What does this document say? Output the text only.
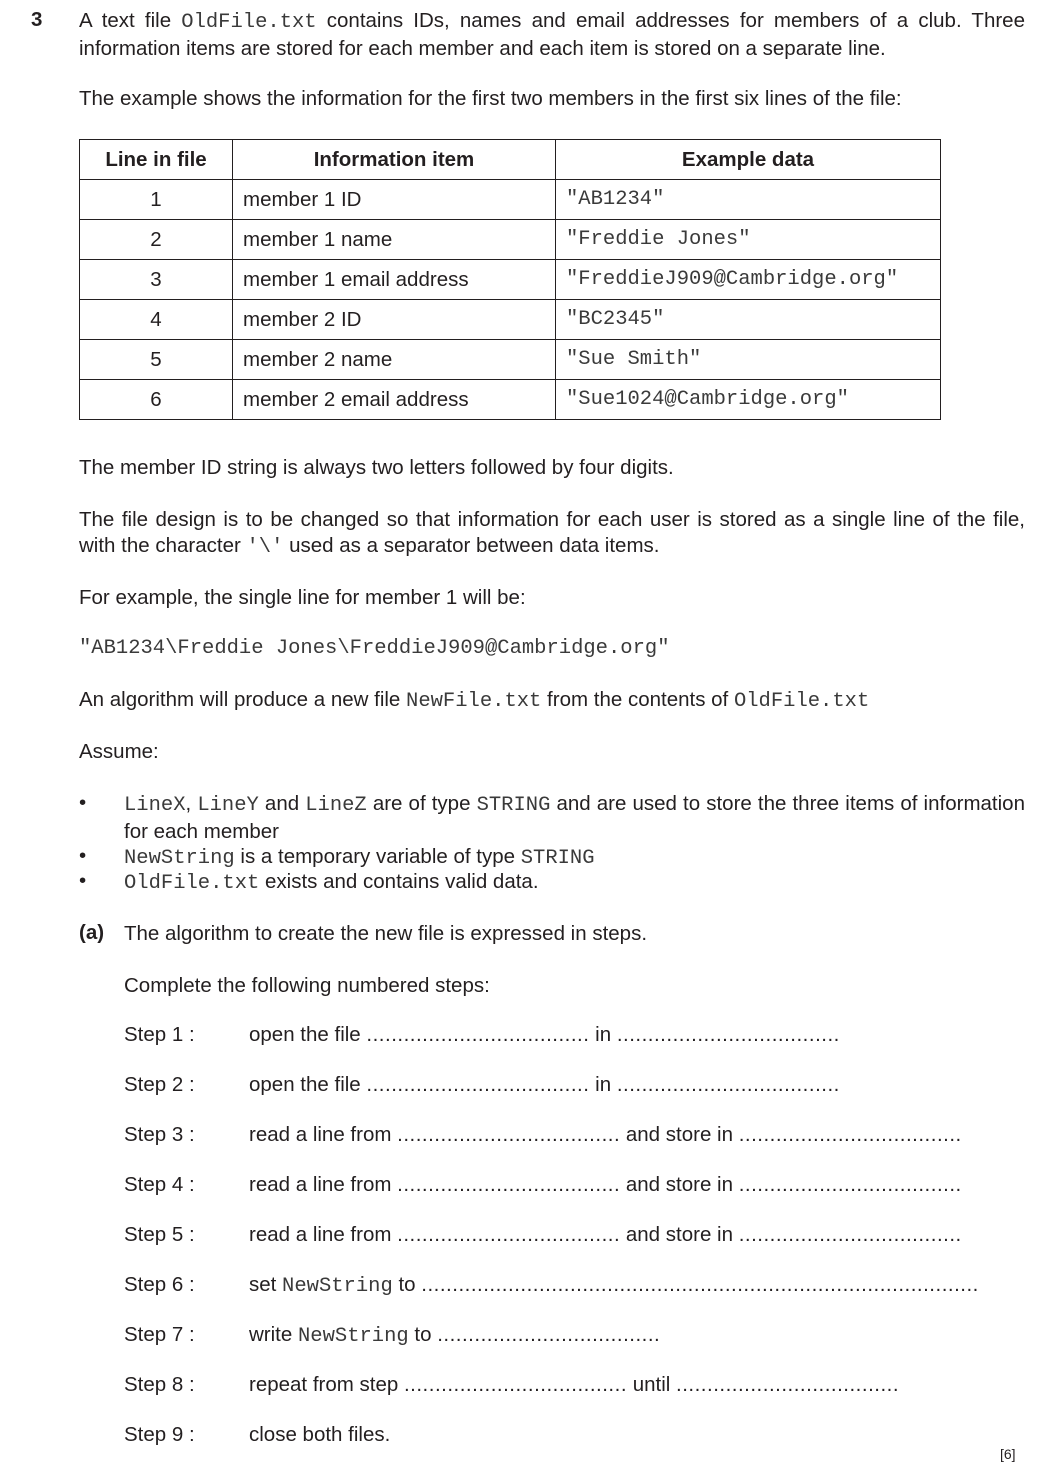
3 A text file OldFile.txt contains IDs, names and email addresses for members of a club. Three information items are stored for each member and each item is stored on a separate line.
The example shows the information for the first two members in the first six lines of the file:
Line in file	Information item	Example data
1	member 1 ID	"AB1234"
2	member 1 name	"Freddie Jones"
3	member 1 email address	"FreddieJ909@Cambridge.org"
4	member 2 ID	"BC2345"
5	member 2 name	"Sue Smith"
6	member 2 email address	"Sue1024@Cambridge.org"
The member ID string is always two letters followed by four digits.
The file design is to be changed so that information for each user is stored as a single line of the file, with the character '\' used as a separator between data items.
For example, the single line for member 1 will be:
"AB1234\Freddie Jones\FreddieJ909@Cambridge.org"
An algorithm will produce a new file NewFile.txt from the contents of OldFile.txt
Assume:
• LineX, LineY and LineZ are of type STRING and are used to store the three items of information for each member
• NewString is a temporary variable of type STRING
• OldFile.txt exists and contains valid data.
(a) The algorithm to create the new file is expressed in steps.
Complete the following numbered steps:
Step 1 :	open the file .................................... in ....................................
Step 2 :	open the file .................................... in ....................................
Step 3 :	read a line from .................................... and store in ....................................
Step 4 :	read a line from .................................... and store in ....................................
Step 5 :	read a line from .................................... and store in ....................................
Step 6 :	set NewString to ..........................................................................................
Step 7 :	write NewString to ....................................
Step 8 :	repeat from step .................................... until ....................................
Step 9 :	close both files.
[6]
